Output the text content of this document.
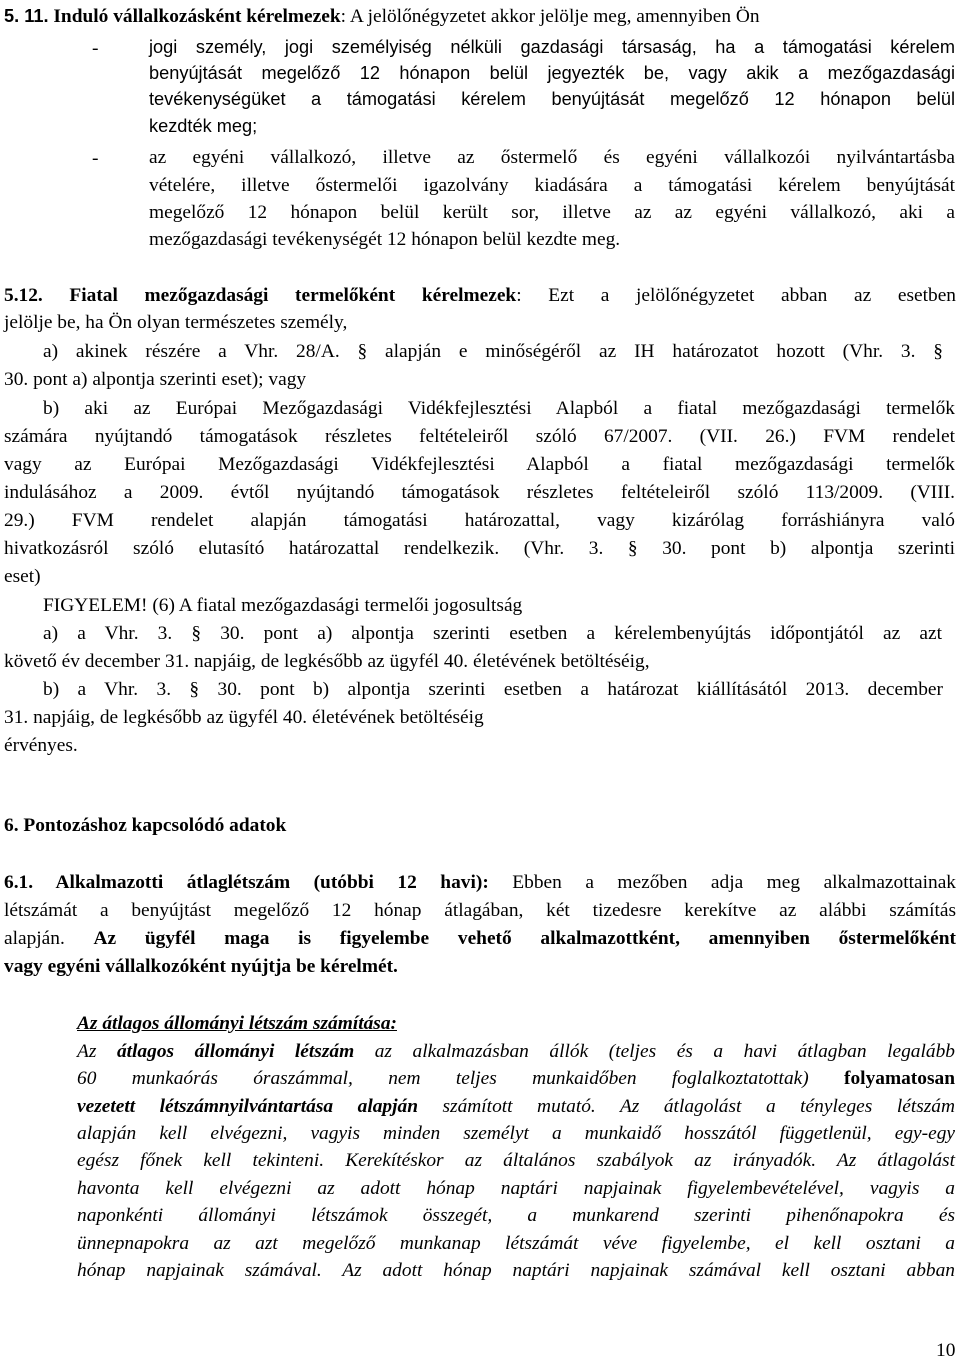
5. 11. Induló vállalkozásként kérelmezek: A jelölőnégyzetet akkor jelölje meg, amennyiben Ön
-	jogi személy, jogi személyiség nélküli gazdasági társaság, ha a támogatási kérelem
benyújtását megelőző 12 hónapon belül jegyezték be, vagy akik a mezőgazdasági
tevékenységüket a támogatási kérelem benyújtását megelőző 12 hónapon belül
kezdték meg;
-	az egyéni vállalkozó, illetve az őstermelő és egyéni vállalkozói nyilvántartásba
vételére, illetve őstermelői igazolvány kiadására a támogatási kérelem benyújtását
megelőző 12 hónapon belül került sor, illetve az az egyéni vállalkozó, aki a
mezőgazdasági tevékenységét 12 hónapon belül kezdte meg.
5.12. Fiatal mezőgazdasági termelőként kérelmezek: Ezt a jelölőnégyzetet abban az esetben
jelölje be, ha Ön olyan természetes személy,
a) akinek részére a Vhr. 28/A. § alapján e minőségéről az IH határozatot hozott (Vhr. 3. §
30. pont a) alpontja szerinti eset); vagy
b) aki az Európai Mezőgazdasági Vidékfejlesztési Alapból a fiatal mezőgazdasági termelők
számára nyújtandó támogatások részletes feltételeiről szóló 67/2007. (VII. 26.) FVM rendelet
vagy az Európai Mezőgazdasági Vidékfejlesztési Alapból a fiatal mezőgazdasági termelők
indulásához a 2009. évtől nyújtandó támogatások részletes feltételeiről szóló 113/2009. (VIII.
29.) FVM rendelet alapján támogatási határozattal, vagy kizárólag forráshiányra való
hivatkozásról szóló elutasító határozattal rendelkezik. (Vhr. 3. § 30. pont b) alpontja szerinti
eset)
FIGYELEM! (6) A fiatal mezőgazdasági termelői jogosultság
a) a Vhr. 3. § 30. pont a) alpontja szerinti esetben a kérelembenyújtás időpontjától az azt
követő év december 31. napjáig, de legkésőbb az ügyfél 40. életévének betöltéséig,
b) a Vhr. 3. § 30. pont b) alpontja szerinti esetben a határozat kiállításától 2013. december
31. napjáig, de legkésőbb az ügyfél 40. életévének betöltéséig
érvényes.
6. Pontozáshoz kapcsolódó adatok
6.1. Alkalmazotti átlaglétszám (utóbbi 12 havi): Ebben a mezőben adja meg alkalmazottainak
létszámát a benyújtást megelőző 12 hónap átlagában, két tizedesre kerekítve az alábbi számítás
alapján. Az ügyfél maga is figyelembe vehető alkalmazottként, amennyiben őstermelőként
vagy egyéni vállalkozóként nyújtja be kérelmét.
Az átlagos állományi létszám számítása:
Az átlagos állományi létszám az alkalmazásban állók (teljes és a havi átlagban legalább
60 munkaórás óraszámmal, nem teljes munkaidőben foglalkoztatottak) folyamatosan
vezetett létszámnyilvántartása alapján számított mutató. Az átlagolást a tényleges létszám
alapján kell elvégezni, vagyis minden személyt a munkaidő hosszától függetlenül, egy-egy
egész főnek kell tekinteni. Kerekítéskor az általános szabályok az irányadók. Az átlagolást
havonta kell elvégezni az adott hónap naptári napjainak figyelembevételével, vagyis a
naponkénti állományi létszámok összegét, a munkarend szerinti pihenőnapokra és
ünnepnapokra az azt megelőző munkanap létszámát véve figyelembe, el kell osztani a
hónap napjainak számával. Az adott hónap naptári napjainak számával kell osztani abban
10
